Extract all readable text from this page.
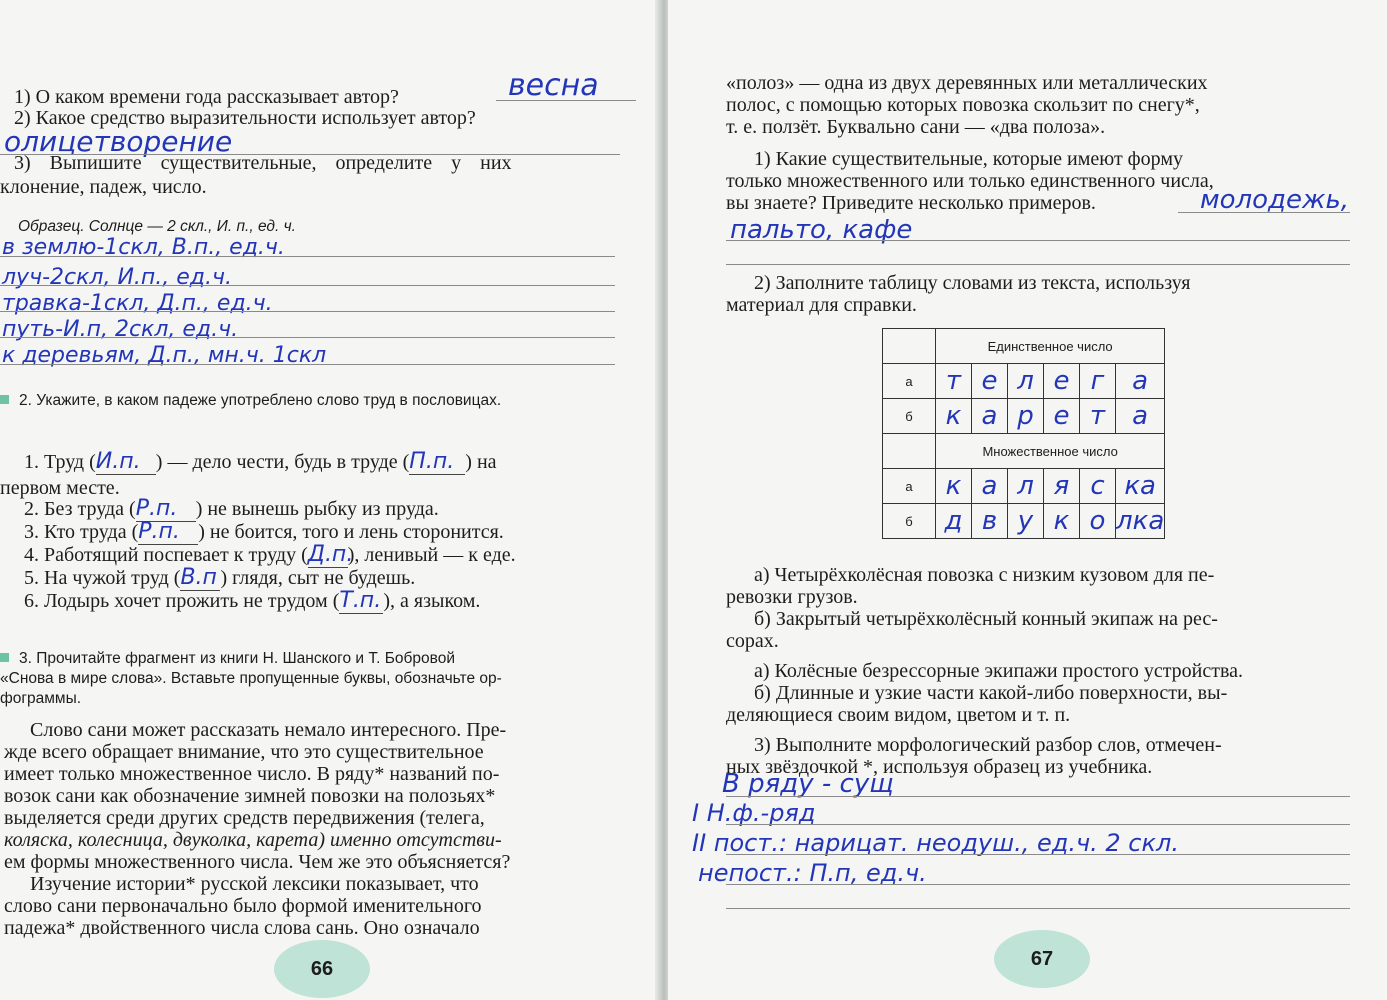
1) О каком времени года рассказывает автор?	весна
2) Какое средство выразительности использует автор?
олицетворение
3) Выпишите существительные, определите у них
клонение, падеж, число.
Образец. Солнце — 2 скл., И. п., ед. ч.
в землю-1скл, В.п., ед.ч.
луч-2скл, И.п., ед.ч.
травка-1скл, Д.п., ед.ч.
путь-И.п, 2скл, ед.ч.
к деревьям, Д.п., мн.ч. 1скл
2. Укажите, в каком падеже употреблено слово труд в пословицах.
1. Труд (И.п. ) — дело чести, будь в труде (П.п. ) на
первом месте.
2. Без труда (Р.п. ) не вынешь рыбку из пруда.
3. Кто труда (Р.п. ) не боится, того и лень сторонится.
4. Работящий поспевает к труду (Д.п.), ленивый — к еде.
5. На чужой труд (В.п ) глядя, сыт не будешь.
6. Лодырь хочет прожить не трудом (Т.п. ), а языком.
3. Прочитайте фрагмент из книги Н. Шанского и Т. Бобровой
«Снова в мире слова». Вставьте пропущенные буквы, обозначьте ор-
фограммы.
Слово сани может рассказать немало интересного. Пре-
жде всего обращает внимание, что это существительное
имеет только множественное число. В ряду* названий по-
возок сани как обозначение зимней повозки на полозьях*
выделяется среди других средств передвижения (телега,
коляска, колесница, двуколка, карета) именно отсутстви-
ем формы множественного числа. Чем же это объясняется?
Изучение истории* русской лексики показывает, что
слово сани первоначально было формой именительного
падежа* двойственного числа слова сань. Оно означало
66
«полоз» — одна из двух деревянных или металлических
полос, с помощью которых повозка скользит по снегу*,
т. е. ползёт. Буквально сани — «два полоза».
1) Какие существительные, которые имеют форму
только множественного или только единственного числа,
вы знаете? Приведите несколько примеров.	молодежь,
пальто, кафе
2) Заполните таблицу словами из текста, используя
материал для справки.
	Единственное число					
а	т	е	л	е	г	а
б	к	а	р	е	т	а
	Множественное число					
а	к	а	л	я	с	ка
б	д	в	у	к	о	лка
а) Четырёхколёсная повозка с низким кузовом для пе-
ревозки грузов.
б) Закрытый четырёхколёсный конный экипаж на рес-
сорах.
а) Колёсные безрессорные экипажи простого устройства.
б) Длинные и узкие части какой-либо поверхности, вы-
деляющиеся своим видом, цветом и т. п.
3) Выполните морфологический разбор слов, отмечен-
ных звёздочкой *, используя образец из учебника.
В ряду - сущ
I Н.ф.-ряд
II пост.: нарицат. неодуш., ед.ч. 2 скл.
непост.: П.п, ед.ч.
67
